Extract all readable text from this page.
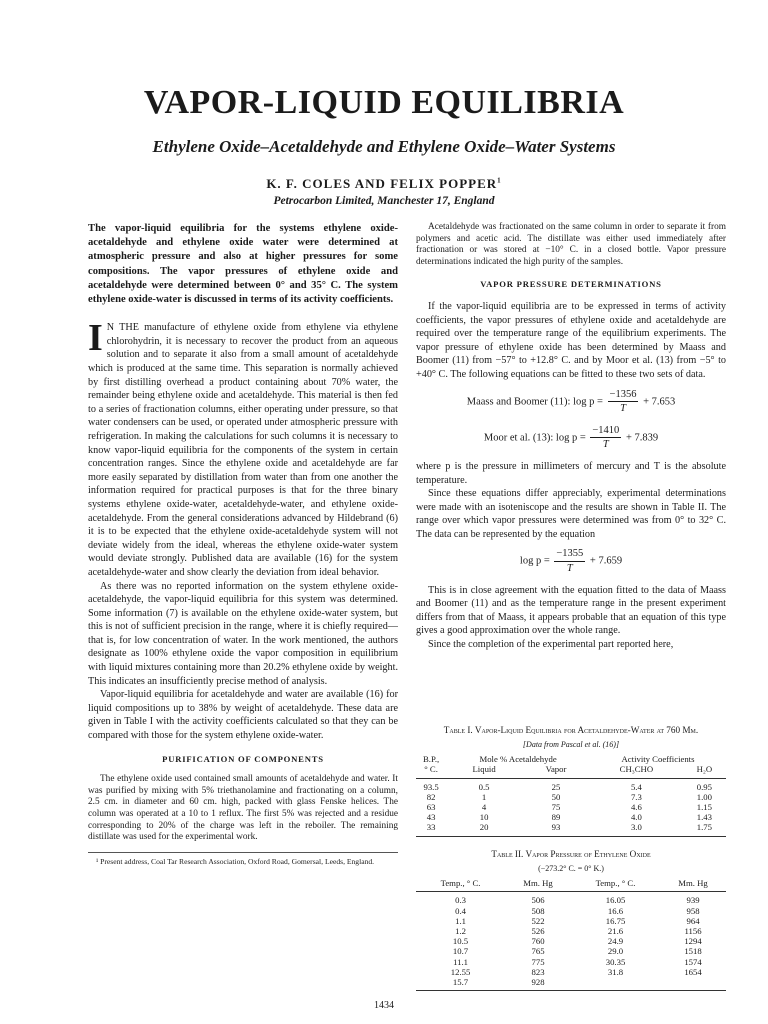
VAPOR-LIQUID EQUILIBRIA
Ethylene Oxide–Acetaldehyde and Ethylene Oxide–Water Systems
K. F. COLES AND FELIX POPPER$^1$
Petrocarbon Limited, Manchester 17, England
The vapor-liquid equilibria for the systems ethylene oxide-acetaldehyde and ethylene oxide water were determined at atmospheric pressure and also at higher pressures for some compositions. The vapor pressures of ethylene oxide and acetaldehyde were determined between 0° and 35° C. The system ethylene oxide-water is discussed in terms of its activity coefficients.

I N THE manufacture of ethylene oxide from ethylene via ethylene chlorohydrin, it is necessary to recover the product from an aqueous solution and to separate it also from a small amount of acetaldehyde which is produced at the same time. This separation is normally achieved by first distilling overhead a product containing about 70% water, the remainder being ethylene oxide and acetaldehyde. This material is then fed to a series of fractionation columns, either operating under pressure, so that water condensers can be used, or operated under atmospheric pressure with refrigeration. In making the calculations for such columns it is necessary to know vapor-liquid equilibria for the components of the system in certain concentration ranges. Since the ethylene oxide and acetaldehyde are far more easily separated by distillation from water than from one another the information required for practical purposes is that for the three binary systems ethylene oxide-water, acetaldehyde-water, and ethylene oxide-acetaldehyde. From the general considerations advanced by Hildebrand (6) it is to be expected that the ethylene oxide-acetaldehyde system will not deviate widely from the ideal, whereas the ethylene oxide-water system would deviate strongly. Published data are available (16) for the system acetaldehyde-water and show clearly the deviation from ideal behavior.

As there was no reported information on the system ethylene oxide-acetaldehyde, the vapor-liquid equilibria for this system was determined. Some information (7) is available on the ethylene oxide-water system, but this is not of sufficient precision in the range, where it is chiefly required—that is, for low concentration of water. In the work mentioned, the authors designate as 100% ethylene oxide the vapor composition in equilibrium with liquid mixtures containing more than 20.2% ethylene oxide by weight. This indicates an insufficiently precise method of analysis.

Vapor-liquid equilibria for acetaldehyde and water are available (16) for liquid compositions up to 38% by weight of acetaldehyde. These data are given in Table I with the activity coefficients calculated so that they can be compared with those for the system ethylene oxide-water.

PURIFICATION OF COMPONENTS

The ethylene oxide used contained small amounts of acetaldehyde and water. It was purified by mixing with 5% triethanolamine and fractionating on a column, 2.5 cm. in diameter and 60 cm. high, packed with glass Fenske helices. The column was operated at a 10 to 1 reflux. The first 5% was rejected and a residue corresponding to 20% of the charge was left in the reboiler. The remaining distillate was used for the experimental work.

¹ Present address, Coal Tar Research Association, Oxford Road, Gomersal, Leeds, England.

Acetaldehyde was fractionated on the same column in order to separate it from polymers and acetic acid. The distillate was either used immediately after fractionation or was stored at −10° C. in a closed bottle. Vapor pressure determinations indicated the high purity of the samples.

VAPOR PRESSURE DETERMINATIONS

If the vapor-liquid equilibria are to be expressed in terms of activity coefficients, the vapor pressures of ethylene oxide and acetaldehyde are required over the temperature range of the equilibrium experiments. The vapor pressure of ethylene oxide has been determined by Maass and Boomer (11) from −57° to +12.8° C. and by Moor et al. (13) from −5° to +40° C. The following equations can be fitted to these two sets of data.

Maass and Boomer (11): $\log p = \frac{-1356}{T} + 7.653$
Moor et al. (13): $\log p = \frac{-1410}{T} + 7.839$

where p is the pressure in millimeters of mercury and T is the absolute temperature.

Since these equations differ appreciably, experimental determinations were made with an isoteniscope and the results are shown in Table II. The range over which vapor pressures were determined was from 0° to 32° C. The data can be represented by the equation

$\log p = \frac{-1355}{T} + 7.659$

This is in close agreement with the equation fitted to the data of Maass and Boomer (11) and as the temperature range in the present experiment differs from that of Maass, it appears probable that an equation of this type gives a good approximation over the whole range.

Since the completion of the experimental part reported here,

Table I. Vapor-Liquid Equilibria for Acetaldehyde-Water at 760 Mm.
[Data from Pascal et al. (16)]
B.P.,	Mole % Acetaldehyde		Activity Coefficients	
° C.	Liquid	Vapor	CH₃CHO	H₂O

93.5	0.5	25	5.4	0.95
82	1	50	7.3	1.00
63	4	75	4.6	1.15
43	10	89	4.0	1.43
33	20	93	3.0	1.75
Table II. Vapor Pressure of Ethylene Oxide
(−273.2° C. = 0° K.)
Temp., ° C.	Mm. Hg	Temp., ° C.	Mm. Hg

0.3	506	16.05	939
0.4	508	16.6	958
1.1	522	16.75	964
1.2	526	21.6	1156
10.5	760	24.9	1294
10.7	765	29.0	1518
11.1	775	30.35	1574
12.55	823	31.8	1654
15.7	928		
1434
